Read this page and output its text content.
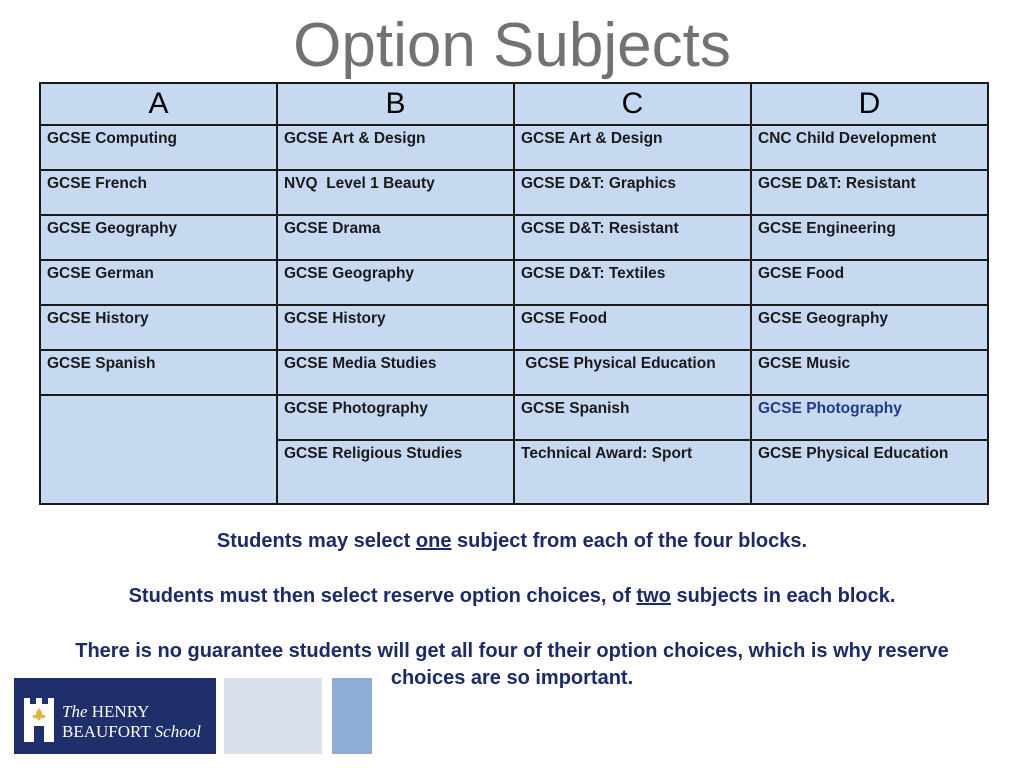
Option Subjects
A	B	C	D
GCSE Computing	GCSE Art & Design	GCSE Art & Design	CNC Child Development
GCSE French	NVQ  Level 1 Beauty	GCSE D&T: Graphics	GCSE D&T: Resistant
GCSE Geography	GCSE Drama	GCSE D&T: Resistant	GCSE Engineering
GCSE German	GCSE Geography	GCSE D&T: Textiles	GCSE Food
GCSE History	GCSE History	GCSE Food	GCSE Geography
GCSE Spanish	GCSE Media Studies	GCSE Physical Education	GCSE Music
	GCSE Photography	GCSE Spanish	GCSE Photography
	GCSE Religious Studies	Technical Award: Sport	GCSE Physical Education

Students may select one subject from each of the four blocks.

Students must then select reserve option choices, of two subjects in each block.

There is no guarantee students will get all four of their option choices, which is why reserve choices are so important.

The HENRY
BEAUFORT School
